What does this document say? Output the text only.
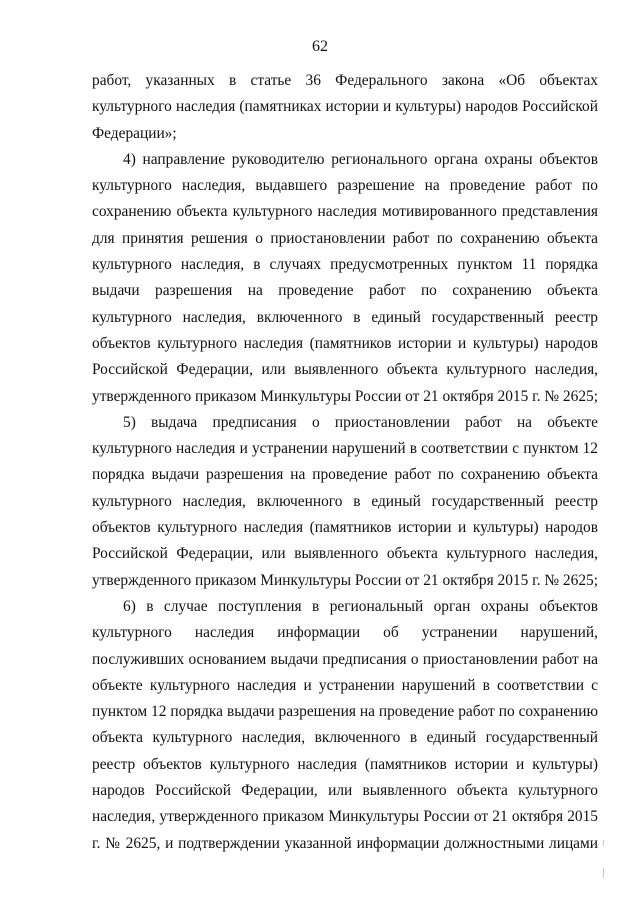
62

работ, указанных в статье 36 Федерального закона «Об объектах культурного наследия (памятниках истории и культуры) народов Российской Федерации»;

4) направление руководителю регионального органа охраны объектов культурного наследия, выдавшего разрешение на проведение работ по сохранению объекта культурного наследия мотивированного представления для принятия решения о приостановлении работ по сохранению объекта культурного наследия, в случаях предусмотренных пунктом 11 порядка выдачи разрешения на проведение работ по сохранению объекта культурного наследия, включенного в единый государственный реестр объектов культурного наследия (памятников истории и культуры) народов Российской Федерации, или выявленного объекта культурного наследия, утвержденного приказом Минкультуры России от 21 октября 2015 г. № 2625;

5) выдача предписания о приостановлении работ на объекте культурного наследия и устранении нарушений в соответствии с пунктом 12 порядка выдачи разрешения на проведение работ по сохранению объекта культурного наследия, включенного в единый государственный реестр объектов культурного наследия (памятников истории и культуры) народов Российской Федерации, или выявленного объекта культурного наследия, утвержденного приказом Минкультуры России от 21 октября 2015 г. № 2625;

6) в случае поступления в региональный орган охраны объектов культурного наследия информации об устранении нарушений, послуживших основанием выдачи предписания о приостановлении работ на объекте культурного наследия и устранении нарушений в соответствии с пунктом 12 порядка выдачи разрешения на проведение работ по сохранению объекта культурного наследия, включенного в единый государственный реестр объектов культурного наследия (памятников истории и культуры) народов Российской Федерации, или выявленного объекта культурного наследия, утвержденного приказом Минкультуры России от 21 октября 2015 г. № 2625, и подтверждении указанной информации должностными лицами
